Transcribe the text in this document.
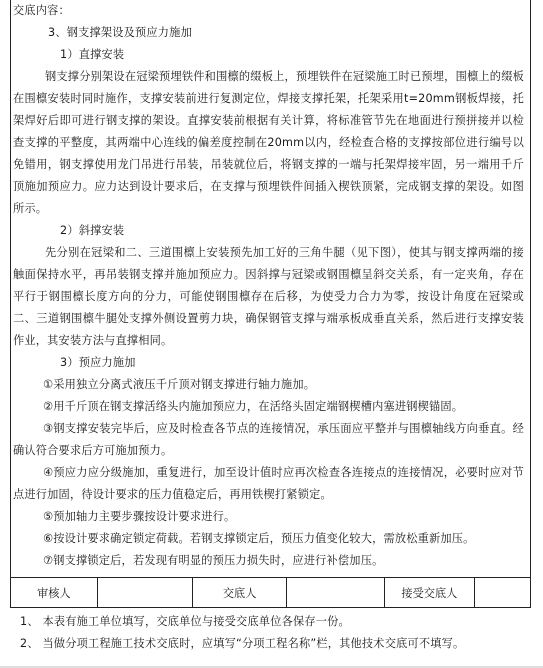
交底内容：

3、钢支撑架设及预应力施加

1）直撑安装

钢支撑分别架设在冠梁预埋铁件和围檩的缀板上，预埋铁件在冠梁施工时已预埋，围檩上的缀板在围檩安装时同时施作，支撑安装前进行复测定位，焊接支撑托架，托架采用t=20mm钢板焊接，托架焊好后即可进行钢支撑的架设。直撑安装前根据有关计算，将标准管节先在地面进行预拼接并以检查支撑的平整度，其两端中心连线的偏差度控制在20mm以内，经检查合格的支撑按部位进行编号以免错用，钢支撑使用龙门吊进行吊装，吊装就位后，将钢支撑的一端与托架焊接牢固，另一端用千斤顶施加预应力。应力达到设计要求后，在支撑与预埋铁件间插入楔铁顶紧，完成钢支撑的架设。如图所示。

2）斜撑安装

先分别在冠梁和二、三道围檩上安装预先加工好的三角牛腿（见下图），使其与钢支撑两端的接触面保持水平，再吊装钢支撑并施加预应力。因斜撑与冠梁或钢围檩呈斜交关系，有一定夹角，存在平行于钢围檩长度方向的分力，可能使钢围檩存在后移，为使受力合力为零，按设计角度在冠梁或二、三道钢围檩牛腿处支撑外侧设置剪力块，确保钢管支撑与端承板成垂直关系，然后进行支撑安装作业，其安装方法与直撑相同。

3）预应力施加

①采用独立分离式液压千斤顶对钢支撑进行轴力施加。

②用千斤顶在钢支撑活络头内施加预应力，在活络头固定端钢楔槽内塞进钢楔锚固。

③钢支撑安装完毕后，应及时检查各节点的连接情况，承压面应平整并与围檩轴线方向垂直。经确认符合要求后方可施加预力。

④预应力应分级施加，重复进行，加至设计值时应再次检查各连接点的连接情况，必要时应对节点进行加固，待设计要求的压力值稳定后，再用铁楔打紧锁定。

⑤预加轴力主要步骤按设计要求进行。

⑥按设计要求确定锁定荷载。若钢支撑锁定后，预压力值变化较大，需放松重新加压。

⑦钢支撑锁定后，若发现有明显的预压力损失时，应进行补偿加压。

审核人	交底人	接受交底人

1、 本表有施工单位填写，交底单位与接受交底单位各保存一份。

2、 当做分项工程施工技术交底时，应填写“分项工程名称”栏，其他技术交底可不填写。
